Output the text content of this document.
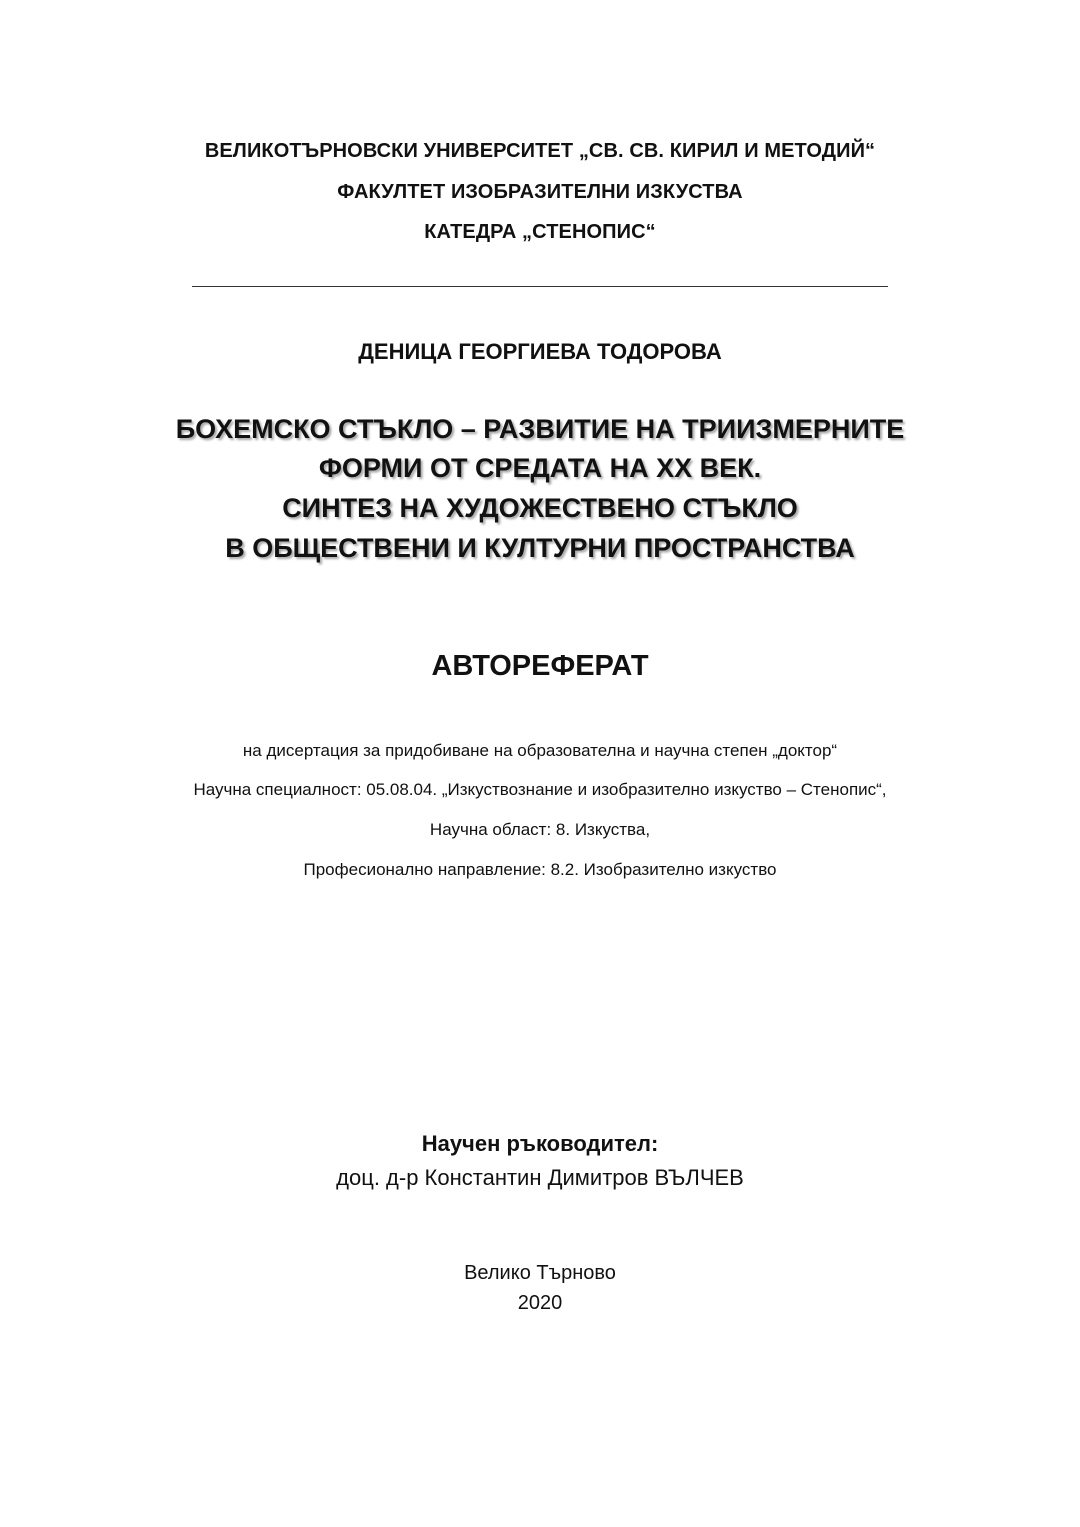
ВЕЛИКОТЪРНОВСКИ УНИВЕРСИТЕТ „СВ. СВ. КИРИЛ И МЕТОДИЙ“
ФАКУЛТЕТ ИЗОБРАЗИТЕЛНИ ИЗКУСТВА
КАТЕДРА „СТЕНОПИС“
ДЕНИЦА ГЕОРГИЕВА ТОДОРОВА
БОХЕМСКО СТЪКЛО – РАЗВИТИЕ НА ТРИИЗМЕРНИТЕ
ФОРМИ ОТ СРЕДАТА НА XX ВЕК.
СИНТЕЗ НА ХУДОЖЕСТВЕНО СТЪКЛО
В ОБЩЕСТВЕНИ И КУЛТУРНИ ПРОСТРАНСТВА
АВТОРЕФЕРАТ
на дисертация за придобиване на образователна и научна степен „доктор“
Научна специалност: 05.08.04. „Изкуствознание и изобразително изкуство – Стенопис“,
Научна област: 8. Изкуства,
Професионално направление: 8.2. Изобразително изкуство
Научен ръководител:
доц. д-р Константин Димитров ВЪЛЧЕВ
Велико Търново
2020
